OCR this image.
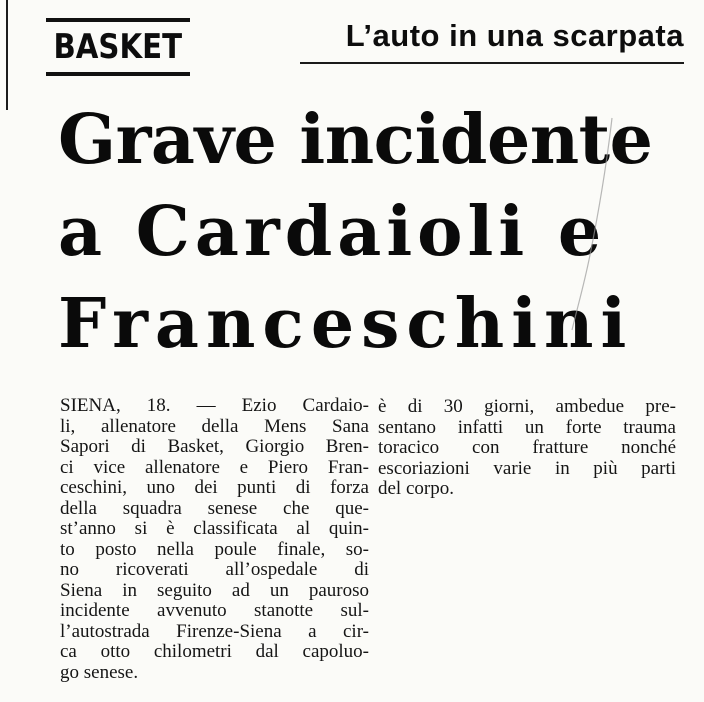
BASKET	L’auto in una scarpata
Grave incidente
a Cardaioli e
Franceschini
SIENA, 18. — Ezio Cardaio-
li, allenatore della Mens Sana
Sapori di Basket, Giorgio Bren-
ci vice allenatore e Piero Fran-
ceschini, uno dei punti di forza
della squadra senese che que-
st’anno si è classificata al quin-
to posto nella poule finale, so-
no ricoverati all’ospedale di
Siena in seguito ad un pauroso
incidente avvenuto stanotte sul-
l’autostrada Firenze-Siena a cir-
ca otto chilometri dal capoluo-
go senese.
è di 30 giorni, ambedue pre-
sentano infatti un forte trauma
toracico con fratture nonché
escoriazioni varie in più parti
del corpo.
